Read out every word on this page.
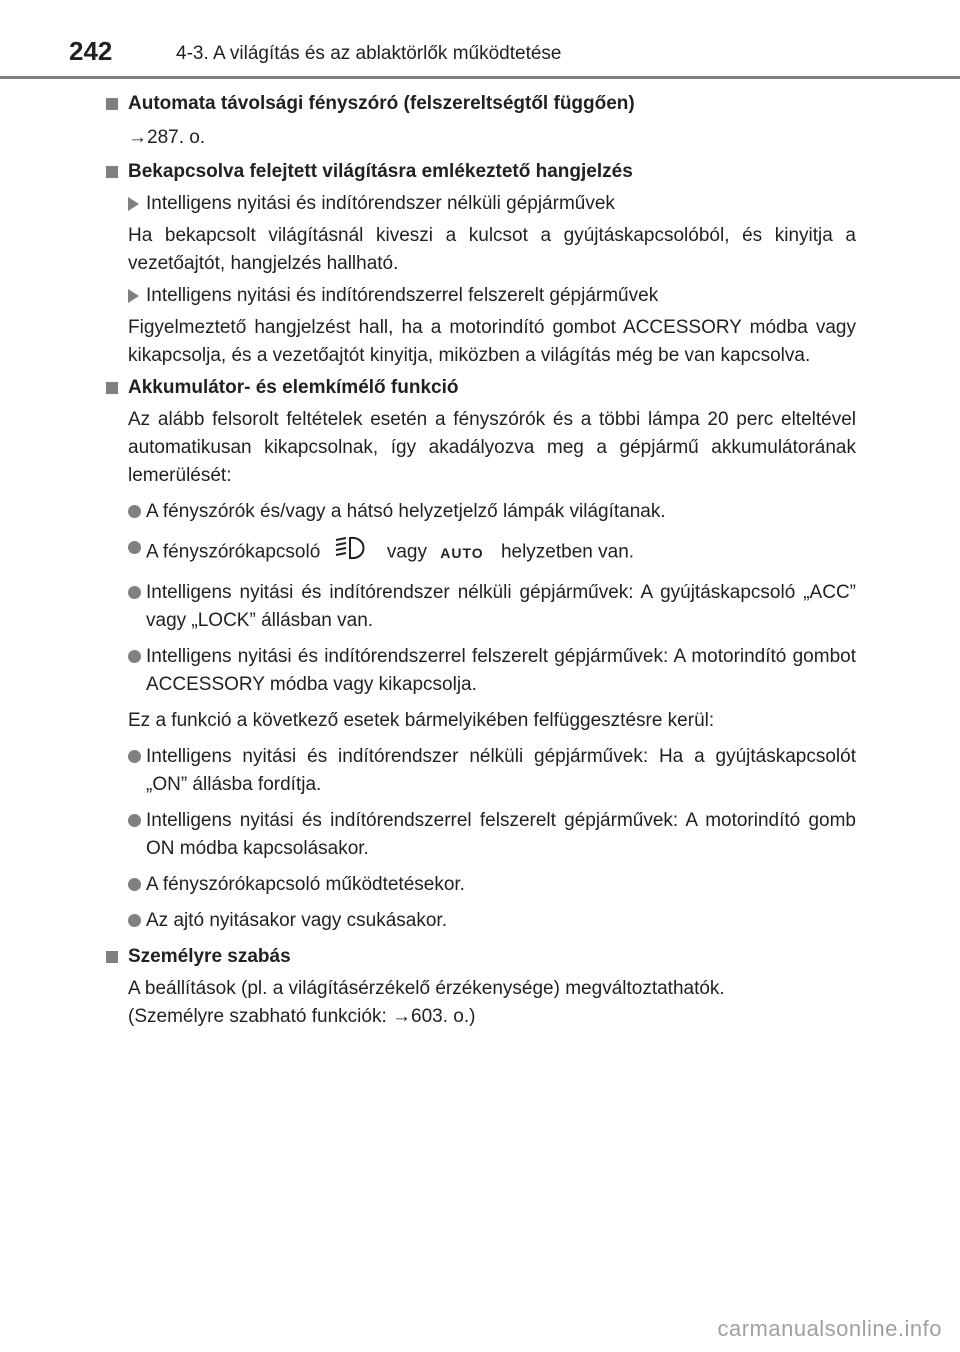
242	4-3. A világítás és az ablaktörlők működtetése
Automata távolsági fényszóró (felszereltségtől függően)
→287. o.
Bekapcsolva felejtett világításra emlékeztető hangjelzés
Intelligens nyitási és indítórendszer nélküli gépjárművek
Ha bekapcsolt világításnál kiveszi a kulcsot a gyújtáskapcsolóból, és kinyitja a vezetőajtót, hangjelzés hallható.
Intelligens nyitási és indítórendszerrel felszerelt gépjárművek
Figyelmeztető hangjelzést hall, ha a motorindító gombot ACCESSORY módba vagy kikapcsolja, és a vezetőajtót kinyitja, miközben a világítás még be van kapcsolva.
Akkumulátor- és elemkímélő funkció
Az alább felsorolt feltételek esetén a fényszórók és a többi lámpa 20 perc elteltével automatikusan kikapcsolnak, így akadályozva meg a gépjármű akkumulátorának lemerülését:
A fényszórók és/vagy a hátsó helyzetjelző lámpák világítanak.
A fényszórókapcsoló	vagy AUTO helyzetben van.
Intelligens nyitási és indítórendszer nélküli gépjárművek: A gyújtáskapcsoló „ACC” vagy „LOCK” állásban van.
Intelligens nyitási és indítórendszerrel felszerelt gépjárművek: A motorindító gombot ACCESSORY módba vagy kikapcsolja.
Ez a funkció a következő esetek bármelyikében felfüggesztésre kerül:
Intelligens nyitási és indítórendszer nélküli gépjárművek: Ha a gyújtáskapcsolót „ON” állásba fordítja.
Intelligens nyitási és indítórendszerrel felszerelt gépjárművek: A motorindító gomb ON módba kapcsolásakor.
A fényszórókapcsoló működtetésekor.
Az ajtó nyitásakor vagy csukásakor.
Személyre szabás
A beállítások (pl. a világításérzékelő érzékenysége) megváltoztathatók.
(Személyre szabható funkciók: →603. o.)
carmanualsonline.info
